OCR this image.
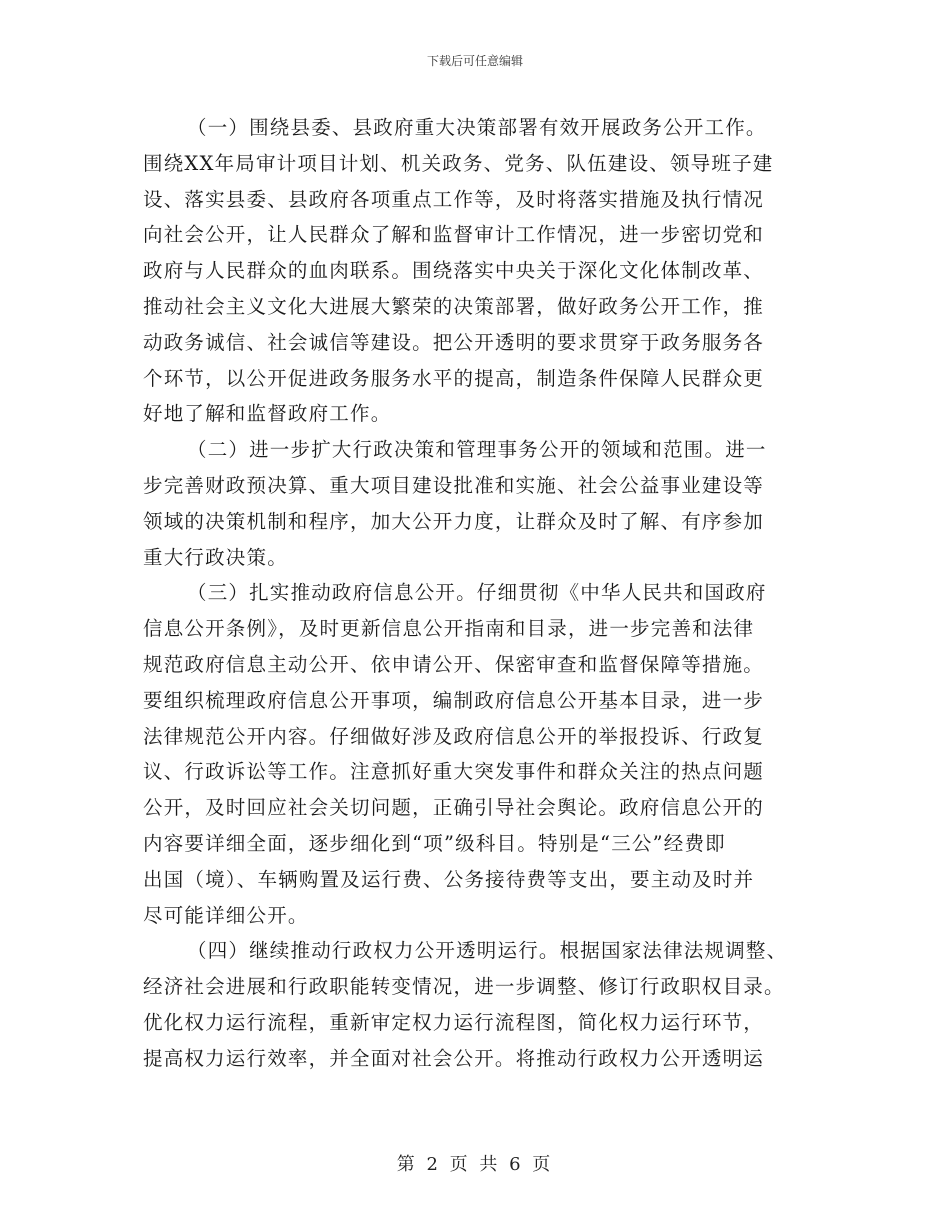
下载后可任意编辑
（一）围绕县委、县政府重大决策部署有效开展政务公开工作。
围绕XX年局审计项目计划、机关政务、党务、队伍建设、领导班子建
设、落实县委、县政府各项重点工作等，及时将落实措施及执行情况
向社会公开，让人民群众了解和监督审计工作情况，进一步密切党和
政府与人民群众的血肉联系。围绕落实中央关于深化文化体制改革、
推动社会主义文化大进展大繁荣的决策部署，做好政务公开工作，推
动政务诚信、社会诚信等建设。把公开透明的要求贯穿于政务服务各
个环节，以公开促进政务服务水平的提高，制造条件保障人民群众更
好地了解和监督政府工作。
（二）进一步扩大行政决策和管理事务公开的领域和范围。进一
步完善财政预决算、重大项目建设批准和实施、社会公益事业建设等
领域的决策机制和程序，加大公开力度，让群众及时了解、有序参加
重大行政决策。
（三）扎实推动政府信息公开。仔细贯彻《中华人民共和国政府
信息公开条例》，及时更新信息公开指南和目录，进一步完善和法律
规范政府信息主动公开、依申请公开、保密审查和监督保障等措施。
要组织梳理政府信息公开事项，编制政府信息公开基本目录，进一步
法律规范公开内容。仔细做好涉及政府信息公开的举报投诉、行政复
议、行政诉讼等工作。注意抓好重大突发事件和群众关注的热点问题
公开，及时回应社会关切问题，正确引导社会舆论。政府信息公开的
内容要详细全面，逐步细化到“项”级科目。特别是“三公”经费即
出国（境）、车辆购置及运行费、公务接待费等支出，要主动及时并
尽可能详细公开。
（四）继续推动行政权力公开透明运行。根据国家法律法规调整、
经济社会进展和行政职能转变情况，进一步调整、修订行政职权目录。
优化权力运行流程，重新审定权力运行流程图，简化权力运行环节，
提高权力运行效率，并全面对社会公开。将推动行政权力公开透明运
第 2 页 共 6 页
